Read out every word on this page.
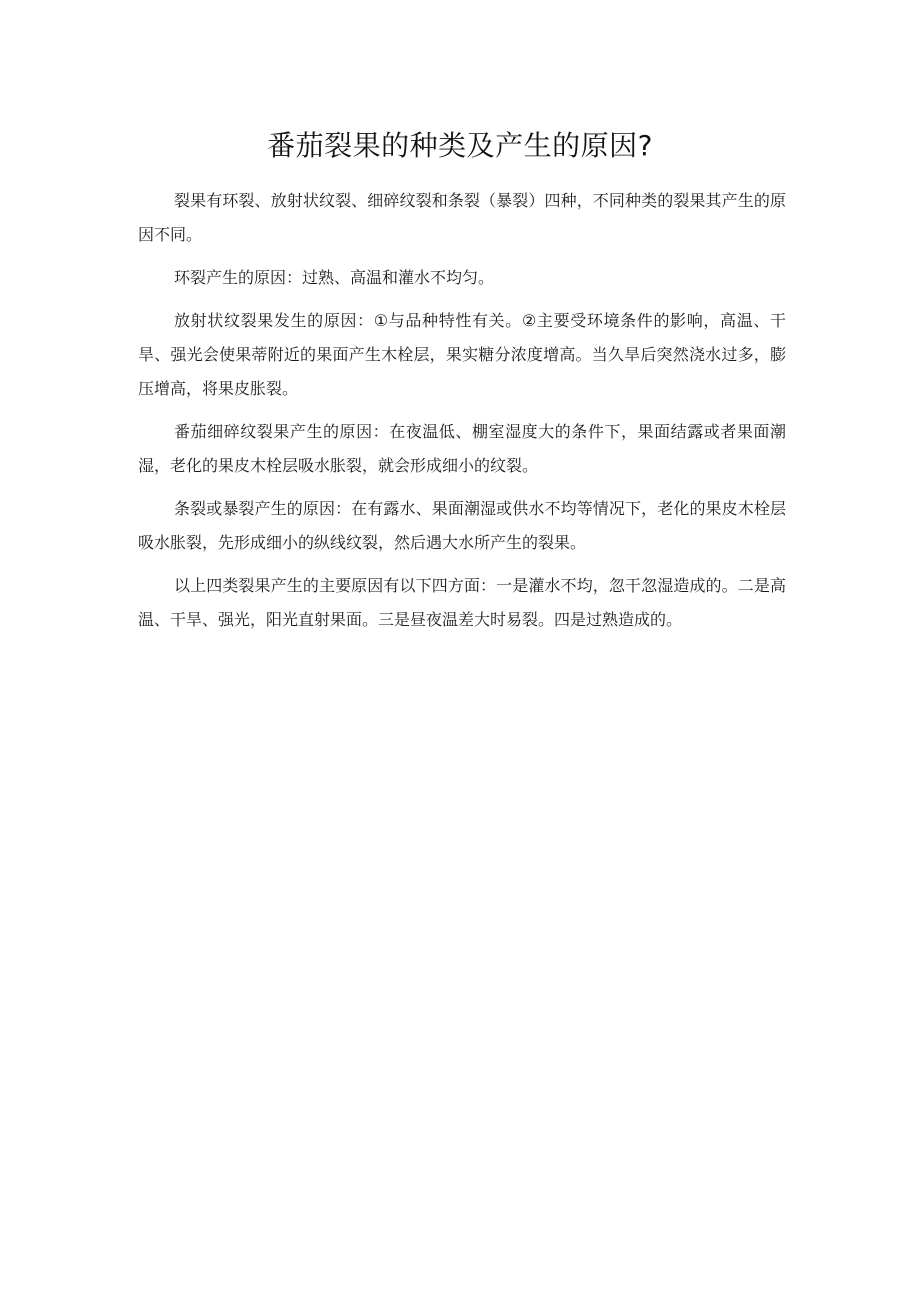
番茄裂果的种类及产生的原因?

裂果有环裂、放射状纹裂、细碎纹裂和条裂（暴裂）四种，不同种类的裂果其产生的原因不同。

环裂产生的原因：过熟、高温和灌水不均匀。

放射状纹裂果发生的原因：①与品种特性有关。②主要受环境条件的影响，高温、干旱、强光会使果蒂附近的果面产生木栓层，果实糖分浓度增高。当久旱后突然浇水过多，膨压增高，将果皮胀裂。

番茄细碎纹裂果产生的原因：在夜温低、棚室湿度大的条件下，果面结露或者果面潮湿，老化的果皮木栓层吸水胀裂，就会形成细小的纹裂。

条裂或暴裂产生的原因：在有露水、果面潮湿或供水不均等情况下，老化的果皮木栓层吸水胀裂，先形成细小的纵线纹裂，然后遇大水所产生的裂果。

以上四类裂果产生的主要原因有以下四方面：一是灌水不均，忽干忽湿造成的。二是高温、干旱、强光，阳光直射果面。三是昼夜温差大时易裂。四是过熟造成的。
